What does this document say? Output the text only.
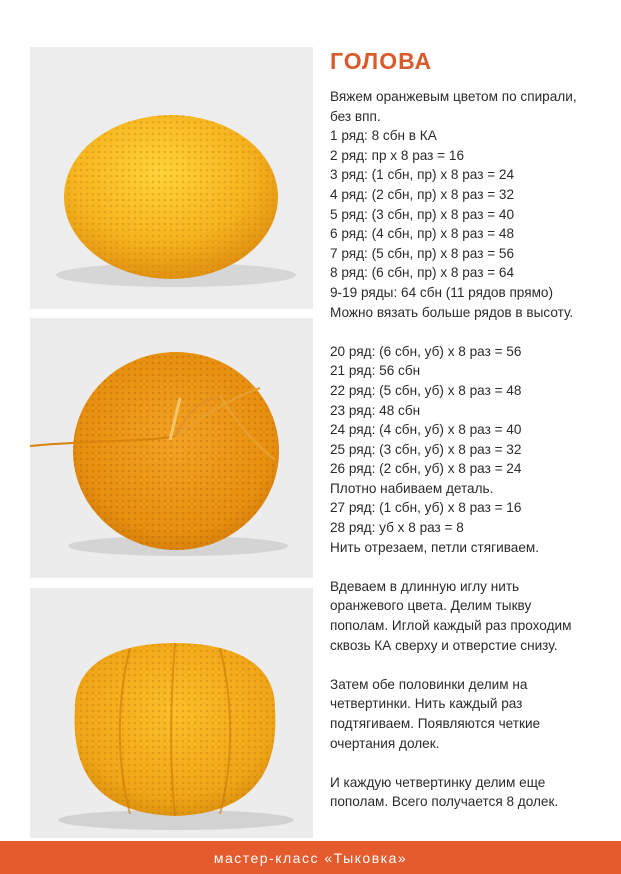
ГОЛОВА
Вяжем оранжевым цветом по спирали,
без впп.
1 ряд: 8 сбн в КА
2 ряд: пр х 8 раз = 16
3 ряд: (1 сбн, пр) х 8 раз = 24
4 ряд: (2 сбн, пр) х 8 раз = 32
5 ряд: (3 сбн, пр) х 8 раз = 40
6 ряд: (4 сбн, пр) х 8 раз = 48
7 ряд: (5 сбн, пр) х 8 раз = 56
8 ряд: (6 сбн, пр) х 8 раз = 64
9-19 ряды: 64 сбн (11 рядов прямо)
Можно вязать больше рядов в высоту.
20 ряд: (6 сбн, уб) х 8 раз = 56
21 ряд: 56 сбн
22 ряд: (5 сбн, уб) х 8 раз = 48
23 ряд: 48 сбн
24 ряд: (4 сбн, уб) х 8 раз = 40
25 ряд: (3 сбн, уб) х 8 раз = 32
26 ряд: (2 сбн, уб) х 8 раз = 24
Плотно набиваем деталь.
27 ряд: (1 сбн, уб) х 8 раз = 16
28 ряд: уб х 8 раз = 8
Нить отрезаем, петли стягиваем.
Вдеваем в длинную иглу нить
оранжевого цвета. Делим тыкву
пополам. Иглой каждый раз проходим
сквозь КА сверху и отверстие снизу.
Затем обе половинки делим на
четвертинки. Нить каждый раз
подтягиваем. Появляются четкие
очертания долек.
И каждую четвертинку делим еще
пополам. Всего получается 8 долек.
мастер-класс «Тыковка»
